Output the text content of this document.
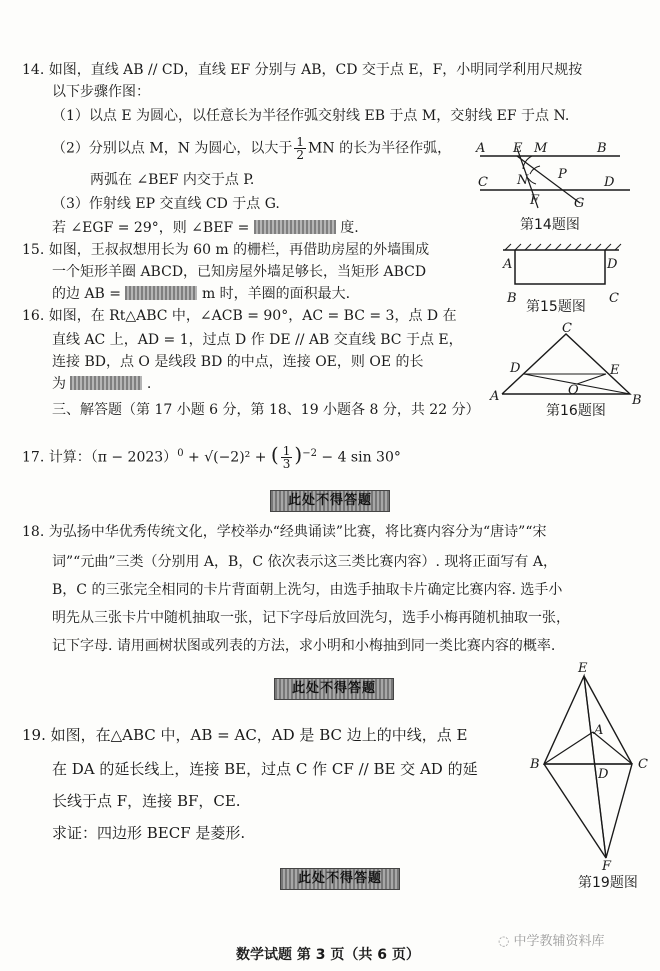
14. 如图，直线 AB // CD，直线 EF 分别与 AB，CD 交于点 E，F，小明同学利用尺规按
以下步骤作图：
（1）以点 E 为圆心，以任意长为半径作弧交射线 EB 于点 M，交射线 EF 于点 N.
（2）分别以点 M，N 为圆心，以大于 $\frac{1}{2}$ MN 的长为半径作弧，
两弧在 ∠BEF 内交于点 P.
（3）作射线 EP 交直线 CD 于点 G.
若 ∠EGF = 29°，则 ∠BEF =	度.
A E M	B
P
C N	D
F	G
第14题图
15. 如图，王叔叔想用长为 60 m 的栅栏，再借助房屋的外墙围成
一个矩形羊圈 ABCD，已知房屋外墙足够长，当矩形 ABCD
的边 AB =	m 时，羊圈的面积最大.
A	D
B	C
第15题图
16. 如图，在 Rt△ABC 中，∠ACB = 90°，AC = BC = 3，点 D 在
直线 AC 上，AD = 1，过点 D 作 DE // AB 交直线 BC 于点 E，
连接 BD，点 O 是线段 BD 的中点，连接 OE，则 OE 的长
为	.
C
D	E
O
A	B
第16题图
三、解答题（第 17 小题 6 分，第 18、19 小题各 8 分，共 22 分）
17. 计算：$(\pi - 2023)^0 + √(-2)^2$ + ( $\frac{1}{3} )^{-2} - 4$ sin 30°
此处不得答题
18. 为弘扬中华优秀传统文化，学校举办“经典诵读”比赛，将比赛内容分为“唐诗”“宋
词”“元曲”三类（分别用 A，B，C 依次表示这三类比赛内容）. 现将正面写有 A，
B，C 的三张完全相同的卡片背面朝上洗匀，由选手抽取卡片确定比赛内容. 选手小
明先从三张卡片中随机抽取一张，记下字母后放回洗匀，选手小梅再随机抽取一张，
记下字母. 请用画树状图或列表的方法，求小明和小梅抽到同一类比赛内容的概率.
此处不得答题
19. 如图，在△ABC 中，AB = AC，AD 是 BC 边上的中线，点 E
在 DA 的延长线上，连接 BE，过点 C 作 CF // BE 交 AD 的延
长线于点 F，连接 BF，CE.
求证：四边形 BECF 是菱形.
E
A
B	C
D
F
第19题图
此处不得答题
数学试题 第 3 页（共 6 页）
◌ 中学教辅资料库
